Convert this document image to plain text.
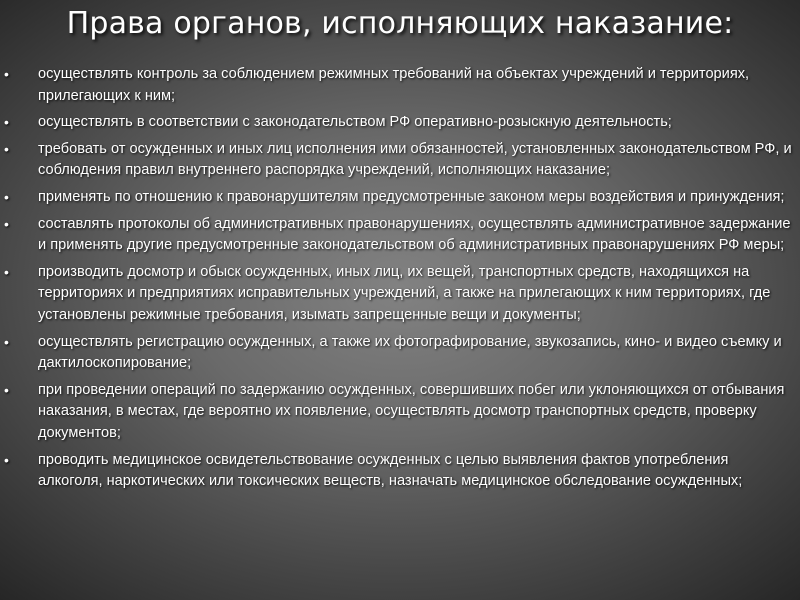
Права органов, исполняющих наказание:
• осуществлять контроль за соблюдением режимных требований на объектах учреждений и территориях, прилегающих к ним;
• осуществлять в соответствии с законодательством РФ оперативно-розыскную деятельность;
• требовать от осужденных и иных лиц исполнения ими обязанностей, установленных законодательством РФ, и соблюдения правил внутреннего распорядка учреждений, исполняющих наказание;
• применять по отношению к правонарушителям предусмотренные законом меры воздействия и принуждения;
• составлять протоколы об административных правонарушениях, осуществлять административное задержание и применять другие предусмотренные законодательством об административных правонарушениях РФ меры;
• производить досмотр и обыск осужденных, иных лиц, их вещей, транспортных средств, находящихся на территориях и предприятиях исправительных учреждений, а также на прилегающих к ним территориях, где установлены режимные требования, изымать запрещенные вещи и документы;
• осуществлять регистрацию осужденных, а также их фотографирование, звукозапись, кино- и видео съемку и дактилоскопирование;
• при проведении операций по задержанию осужденных, совершивших побег или уклоняющихся от отбывания наказания, в местах, где вероятно их появление, осуществлять досмотр транспортных средств, проверку документов;
• проводить медицинское освидетельствование осужденных с целью выявления фактов употребления алкоголя, наркотических или токсических веществ, назначать медицинское обследование осужденных;
